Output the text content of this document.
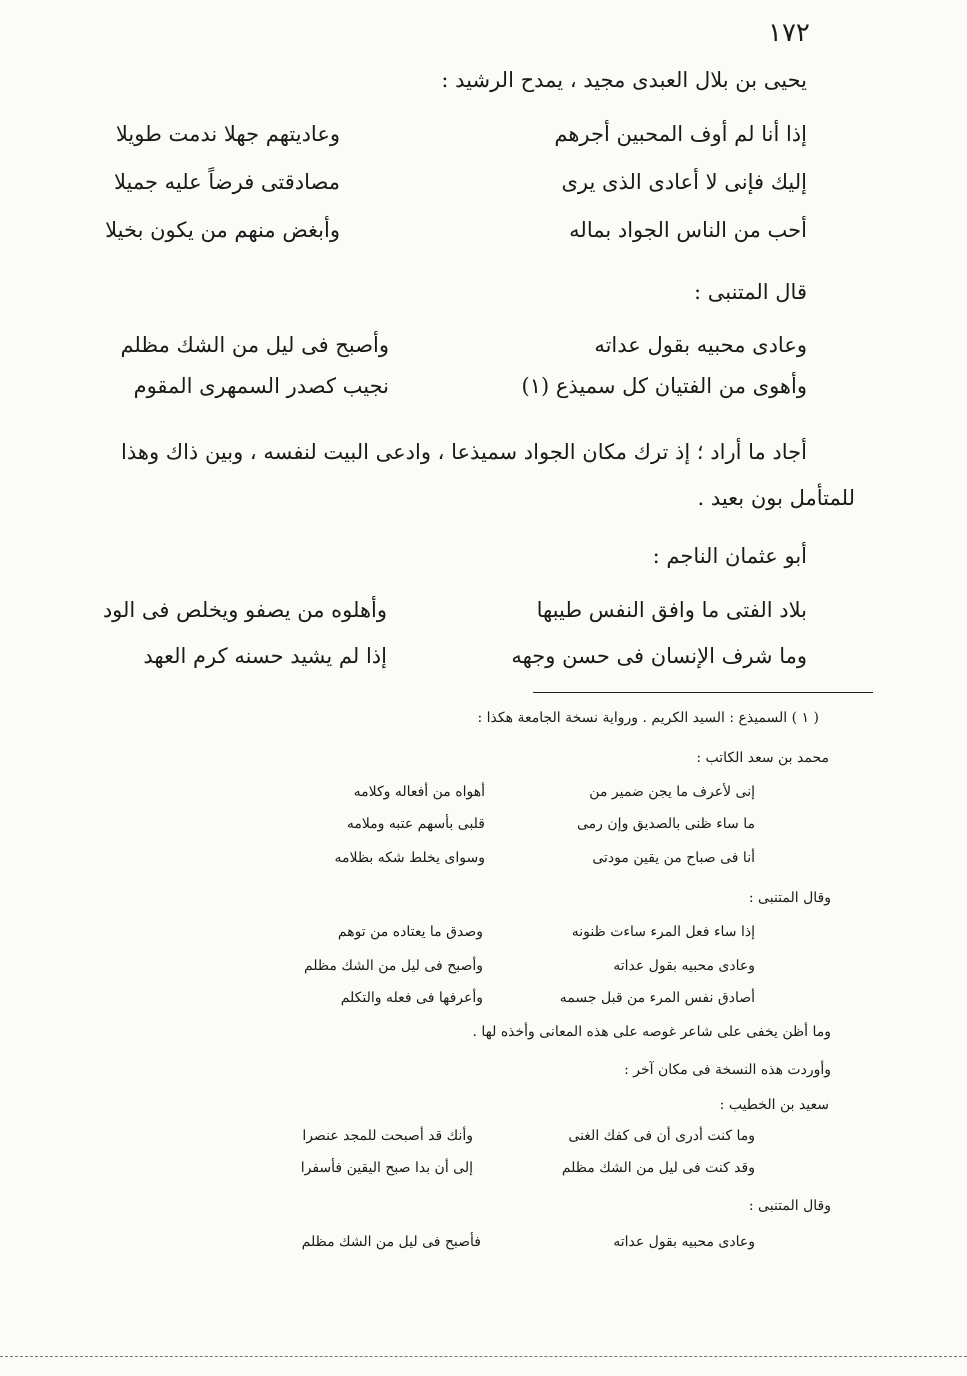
١٧٢
يحيى بن بلال العبدى مجيد ، يمدح الرشيد :
إذا أنا لم أوف المحبين أجرهم
وعاديتهم جهلا ندمت طويلا
إليك فإنى لا أعادى الذى يرى
مصادقتى فرضاً عليه جميلا
أحب من الناس الجواد بماله
وأبغض منهم من يكون بخيلا
قال المتنبى :
وعادى محبيه بقول عداته
وأصبح فى ليل من الشك مظلم
وأهوى من الفتيان كل سميذع (١)
نجيب كصدر السمهرى المقوم
أجاد ما أراد ؛ إذ ترك مكان الجواد سميذعا ، وادعى البيت لنفسه ، وبين ذاك وهذا
للمتأمل بون بعيد .
أبو عثمان الناجم :
بلاد الفتى ما وافق النفس طيبها
وأهلوه من يصفو ويخلص فى الود
وما شرف الإنسان فى حسن وجهه
إذا لم يشيد حسنه كرم العهد
( ١ ) السميذع : السيد الكريم . ورواية نسخة الجامعة هكذا :
محمد بن سعد الكاتب :
إنى لأعرف ما يجن ضمير من
أهواه من أفعاله وكلامه
ما ساء ظنى بالصديق وإن رمى
قلبى بأسهم عتبه وملامه
أنا فى صباح من يقين مودتى
وسواى يخلط شكه بظلامه
وقال المتنبى :
إذا ساء فعل المرء ساءت ظنونه
وصدق ما يعتاده من توهم
وعادى محبيه بقول عداته
وأصبح فى ليل من الشك مظلم
أصادق نفس المرء من قبل جسمه
وأعرفها فى فعله والتكلم
وما أظن يخفى على شاعر غوصه على هذه المعانى وأخذه لها .
وأوردت هذه النسخة فى مكان آخر :
سعيد بن الخطيب :
وما كنت أدرى أن فى كفك الغنى
وأنك قد أصبحت للمجد عنصرا
وقد كنت فى ليل من الشك مظلم
إلى أن بدا صبح اليقين فأسفرا
وقال المتنبى :
وعادى محبيه بقول عداته
فأصبح فى ليل من الشك مظلم
